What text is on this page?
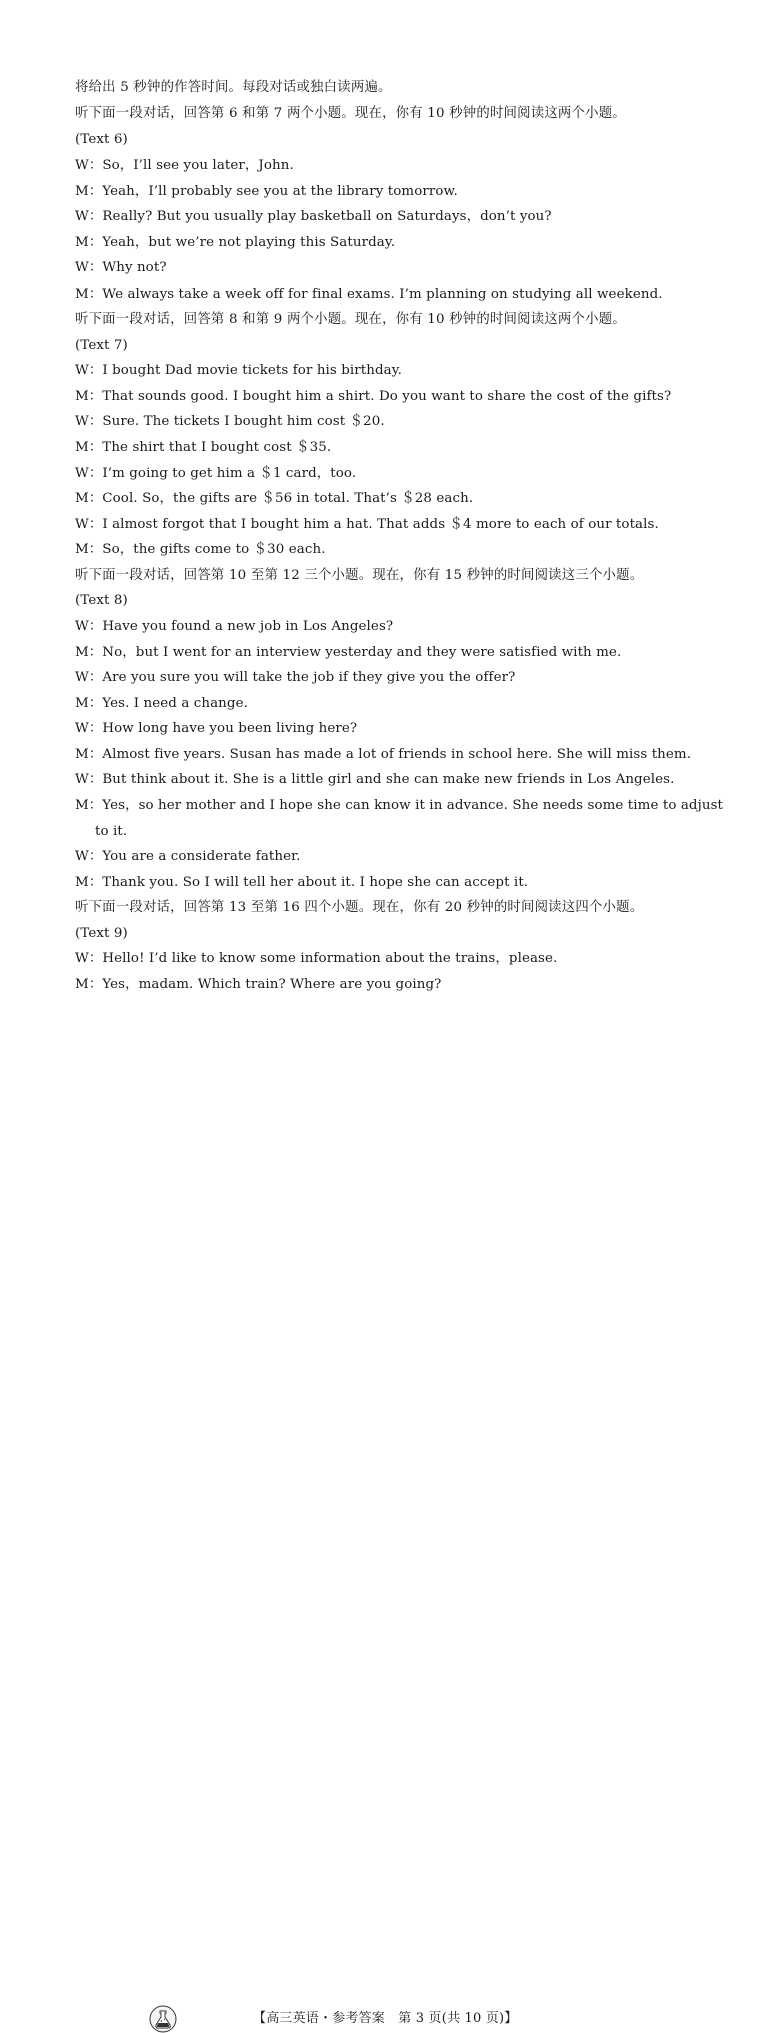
将给出 5 秒钟的作答时间。每段对话或独白读两遍。
听下面一段对话，回答第 6 和第 7 两个小题。现在，你有 10 秒钟的时间阅读这两个小题。
(Text 6)
W：So，I’ll see you later，John.
M：Yeah，I’ll probably see you at the library tomorrow.
W：Really? But you usually play basketball on Saturdays，don’t you?
M：Yeah，but we’re not playing this Saturday.
W：Why not?
M：We always take a week off for final exams. I’m planning on studying all weekend.
听下面一段对话，回答第 8 和第 9 两个小题。现在，你有 10 秒钟的时间阅读这两个小题。
(Text 7)
W：I bought Dad movie tickets for his birthday.
M：That sounds good. I bought him a shirt. Do you want to share the cost of the gifts?
W：Sure. The tickets I bought him cost ＄20.
M：The shirt that I bought cost ＄35.
W：I’m going to get him a ＄1 card，too.
M：Cool. So，the gifts are ＄56 in total. That’s ＄28 each.
W：I almost forgot that I bought him a hat. That adds ＄4 more to each of our totals.
M：So，the gifts come to ＄30 each.
听下面一段对话，回答第 10 至第 12 三个小题。现在，你有 15 秒钟的时间阅读这三个小题。
(Text 8)
W：Have you found a new job in Los Angeles?
M：No，but I went for an interview yesterday and they were satisfied with me.
W：Are you sure you will take the job if they give you the offer?
M：Yes. I need a change.
W：How long have you been living here?
M：Almost five years. Susan has made a lot of friends in school here. She will miss them.
W：But think about it. She is a little girl and she can make new friends in Los Angeles.
M：Yes，so her mother and I hope she can know it in advance. She needs some time to adjust
to it.
W：You are a considerate father.
M：Thank you. So I will tell her about it. I hope she can accept it.
听下面一段对话，回答第 13 至第 16 四个小题。现在，你有 20 秒钟的时间阅读这四个小题。
(Text 9)
W：Hello! I’d like to know some information about the trains，please.
M：Yes，madam. Which train? Where are you going?
【高三英语・参考答案　第 3 页(共 10 页)】
